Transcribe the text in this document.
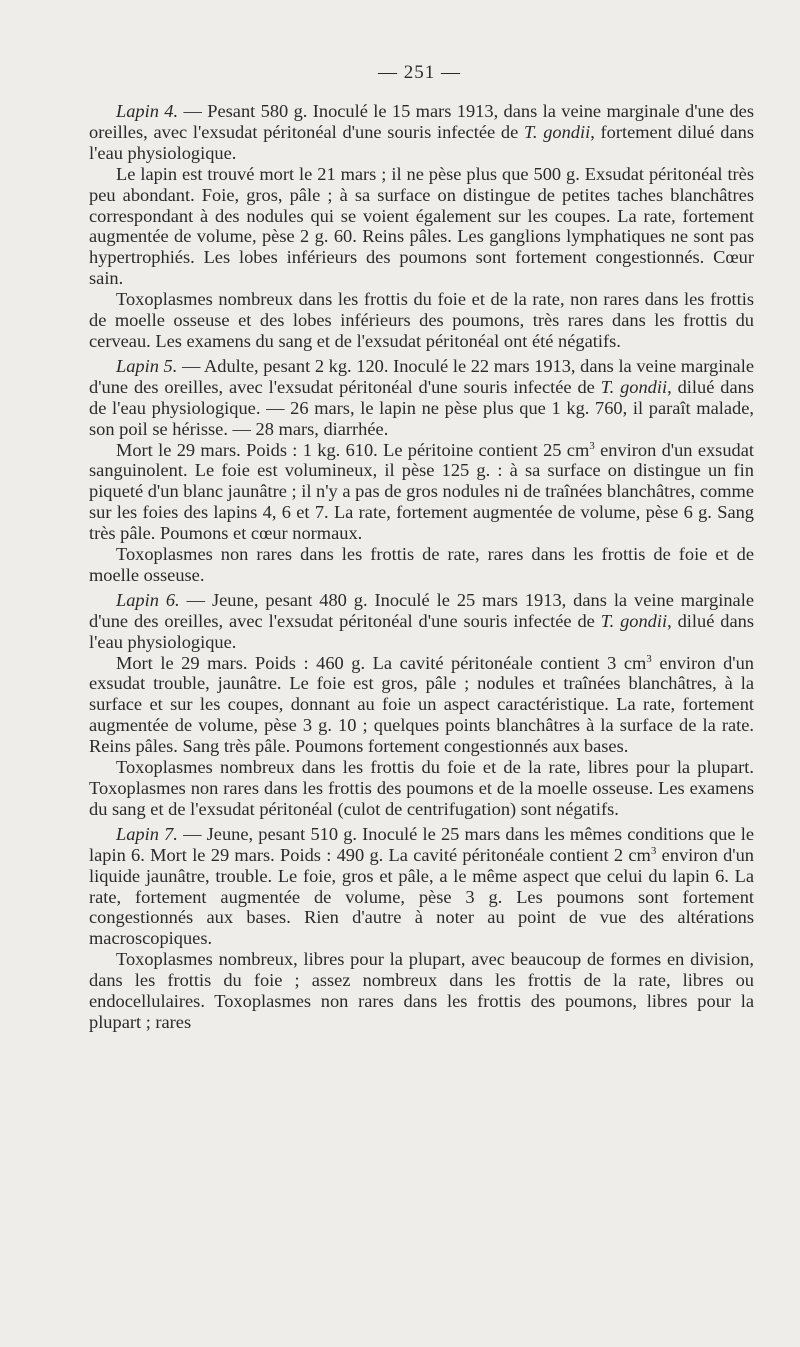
— 251 —

Lapin 4. — Pesant 580 g. Inoculé le 15 mars 1913, dans la veine marginale d'une des oreilles, avec l'exsudat péritonéal d'une souris infectée de T. gondii, fortement dilué dans l'eau physiologique.

Le lapin est trouvé mort le 21 mars ; il ne pèse plus que 500 g. Exsudat péritonéal très peu abondant. Foie, gros, pâle ; à sa surface on distingue de petites taches blanchâtres correspondant à des nodules qui se voient également sur les coupes. La rate, fortement augmentée de volume, pèse 2 g. 60. Reins pâles. Les ganglions lymphatiques ne sont pas hypertrophiés. Les lobes inférieurs des poumons sont fortement congestionnés. Cœur sain.

Toxoplasmes nombreux dans les frottis du foie et de la rate, non rares dans les frottis de moelle osseuse et des lobes inférieurs des poumons, très rares dans les frottis du cerveau. Les examens du sang et de l'exsudat péritonéal ont été négatifs.

Lapin 5. — Adulte, pesant 2 kg. 120. Inoculé le 22 mars 1913, dans la veine marginale d'une des oreilles, avec l'exsudat péritonéal d'une souris infectée de T. gondii, dilué dans de l'eau physiologique. — 26 mars, le lapin ne pèse plus que 1 kg. 760, il paraît malade, son poil se hérisse. — 28 mars, diarrhée.

Mort le 29 mars. Poids : 1 kg. 610. Le péritoine contient 25 $cm^3$ environ d'un exsudat sanguinolent. Le foie est volumineux, il pèse 125 g. : à sa surface on distingue un fin piqueté d'un blanc jaunâtre ; il n'y a pas de gros nodules ni de traînées blanchâtres, comme sur les foies des lapins 4, 6 et 7. La rate, fortement augmentée de volume, pèse 6 g. Sang très pâle. Poumons et cœur normaux.

Toxoplasmes non rares dans les frottis de rate, rares dans les frottis de foie et de moelle osseuse.

Lapin 6. — Jeune, pesant 480 g. Inoculé le 25 mars 1913, dans la veine marginale d'une des oreilles, avec l'exsudat péritonéal d'une souris infectée de T. gondii, dilué dans l'eau physiologique.

Mort le 29 mars. Poids : 460 g. La cavité péritonéale contient 3 $cm^3$ environ d'un exsudat trouble, jaunâtre. Le foie est gros, pâle ; nodules et traînées blanchâtres, à la surface et sur les coupes, donnant au foie un aspect caractéristique. La rate, fortement augmentée de volume, pèse 3 g. 10 ; quelques points blanchâtres à la surface de la rate. Reins pâles. Sang très pâle. Poumons fortement congestionnés aux bases.

Toxoplasmes nombreux dans les frottis du foie et de la rate, libres pour la plupart. Toxoplasmes non rares dans les frottis des poumons et de la moelle osseuse. Les examens du sang et de l'exsudat péritonéal (culot de centrifugation) sont négatifs.

Lapin 7. — Jeune, pesant 510 g. Inoculé le 25 mars dans les mêmes conditions que le lapin 6. Mort le 29 mars. Poids : 490 g. La cavité péritonéale contient 2 $cm^3$ environ d'un liquide jaunâtre, trouble. Le foie, gros et pâle, a le même aspect que celui du lapin 6. La rate, fortement augmentée de volume, pèse 3 g. Les poumons sont fortement congestionnés aux bases. Rien d'autre à noter au point de vue des altérations macroscopiques.

Toxoplasmes nombreux, libres pour la plupart, avec beaucoup de formes en division, dans les frottis du foie ; assez nombreux dans les frottis de la rate, libres ou endocellulaires. Toxoplasmes non rares dans les frottis des poumons, libres pour la plupart ; rares
